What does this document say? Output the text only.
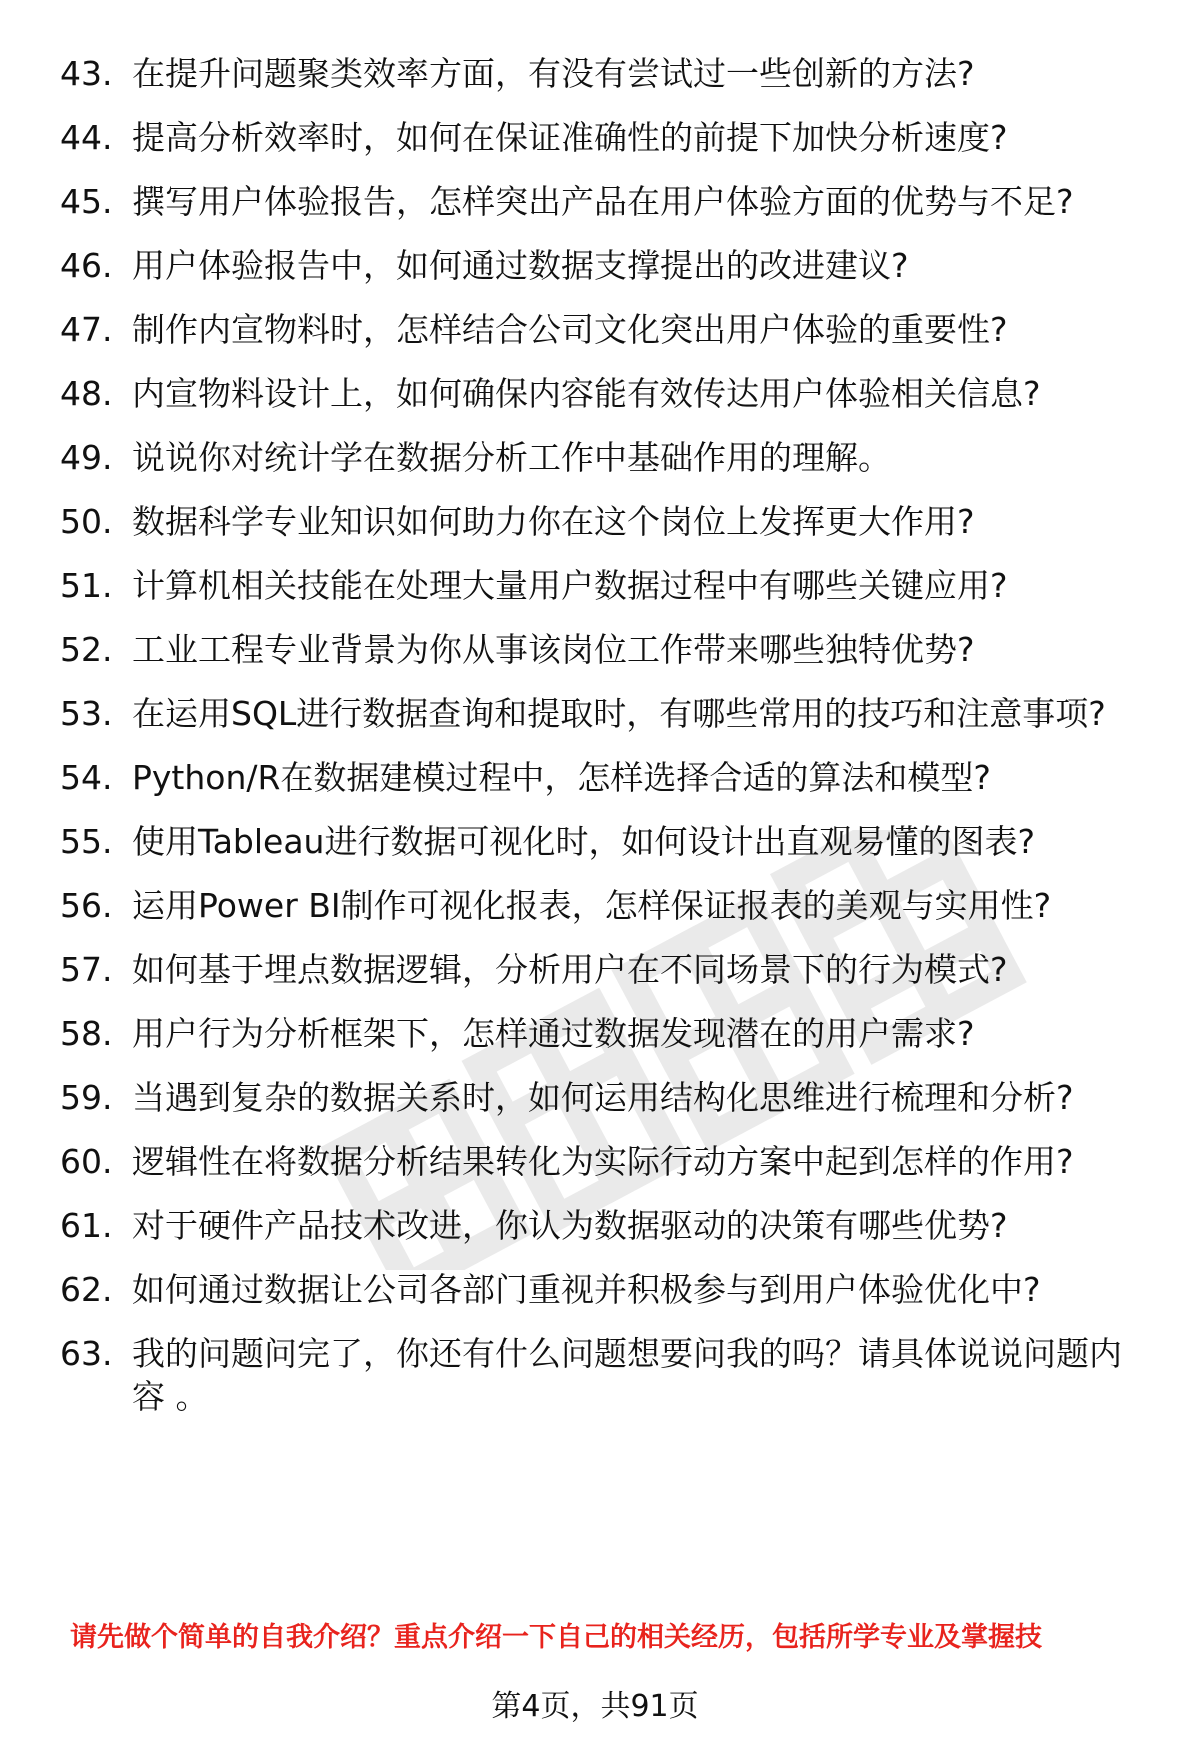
43. 在提升问题聚类效率方面，有没有尝试过一些创新的方法?
44. 提高分析效率时，如何在保证准确性的前提下加快分析速度?
45. 撰写用户体验报告，怎样突出产品在用户体验方面的优势与不足?
46. 用户体验报告中，如何通过数据支撑提出的改进建议?
47. 制作内宣物料时，怎样结合公司文化突出用户体验的重要性?
48. 内宣物料设计上，如何确保内容能有效传达用户体验相关信息?
49. 说说你对统计学在数据分析工作中基础作用的理解。
50. 数据科学专业知识如何助力你在这个岗位上发挥更大作用?
51. 计算机相关技能在处理大量用户数据过程中有哪些关键应用?
52. 工业工程专业背景为你从事该岗位工作带来哪些独特优势?
53. 在运用SQL进行数据查询和提取时，有哪些常用的技巧和注意事项?
54. Python/R在数据建模过程中，怎样选择合适的算法和模型?
55. 使用Tableau进行数据可视化时，如何设计出直观易懂的图表?
56. 运用Power BI制作可视化报表，怎样保证报表的美观与实用性?
57. 如何基于埋点数据逻辑，分析用户在不同场景下的行为模式?
58. 用户行为分析框架下，怎样通过数据发现潜在的用户需求?
59. 当遇到复杂的数据关系时，如何运用结构化思维进行梳理和分析?
60. 逻辑性在将数据分析结果转化为实际行动方案中起到怎样的作用?
61. 对于硬件产品技术改进，你认为数据驱动的决策有哪些优势?
62. 如何通过数据让公司各部门重视并积极参与到用户体验优化中?
63. 我的问题问完了，你还有什么问题想要问我的吗？请具体说说问题内容 。
请先做个简单的自我介绍？重点介绍一下自己的相关经历，包括所学专业及掌握技
第4页，共91页
